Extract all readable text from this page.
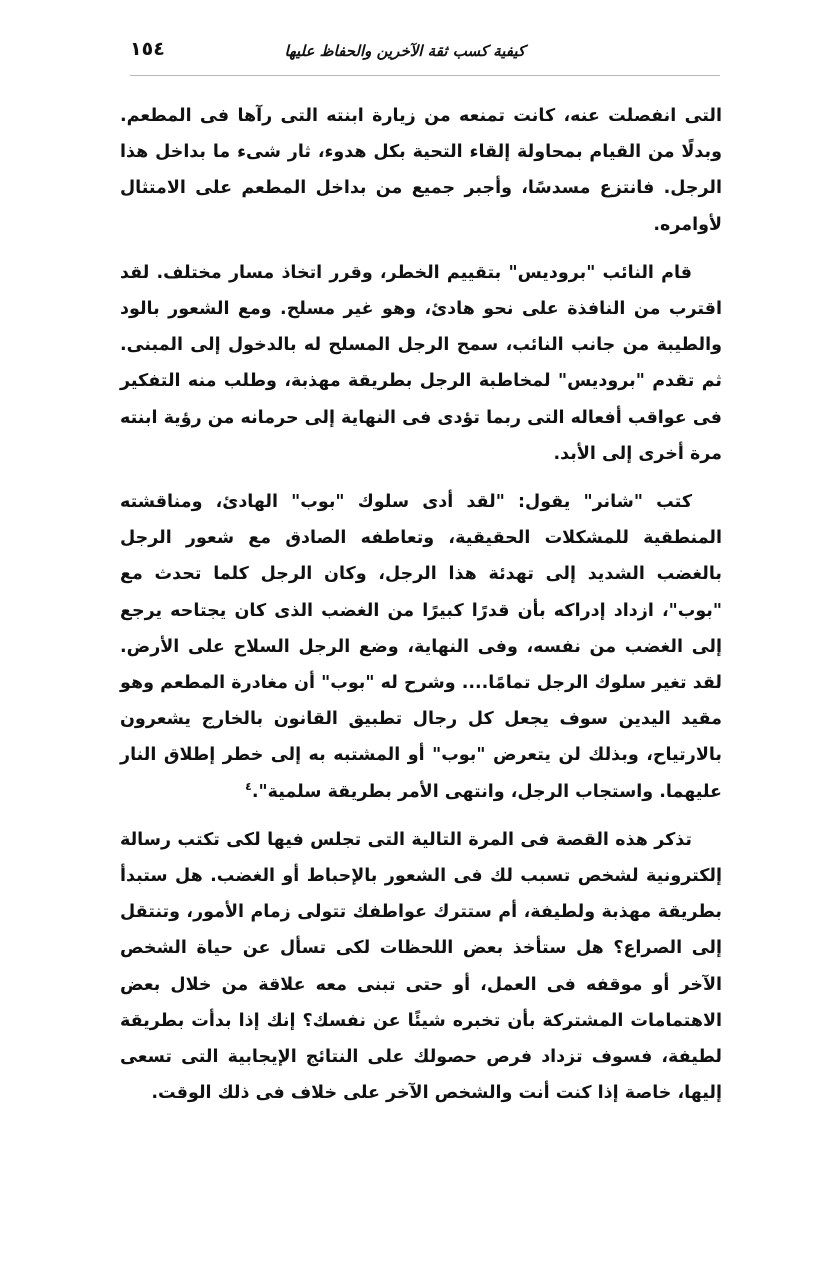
١٥٤	كيفية كسب ثقة الآخرين والحفاظ عليها

التى انفصلت عنه، كانت تمنعه من زيارة ابنته التى رآها فى المطعم. وبدلًا من القيام بمحاولة إلقاء التحية بكل هدوء، ثار شىء ما بداخل هذا الرجل. فانتزع مسدسًا، وأجبر جميع من بداخل المطعم على الامتثال لأوامره.

قام النائب "بروديس" بتقييم الخطر، وقرر اتخاذ مسار مختلف. لقد اقترب من النافذة على نحو هادئ، وهو غير مسلح. ومع الشعور بالود والطيبة من جانب النائب، سمح الرجل المسلح له بالدخول إلى المبنى. ثم تقدم "بروديس" لمخاطبة الرجل بطريقة مهذبة، وطلب منه التفكير فى عواقب أفعاله التى ربما تؤدى فى النهاية إلى حرمانه من رؤية ابنته مرة أخرى إلى الأبد.

كتب "شانر" يقول: "لقد أدى سلوك "بوب" الهادئ، ومناقشته المنطقية للمشكلات الحقيقية، وتعاطفه الصادق مع شعور الرجل بالغضب الشديد إلى تهدئة هذا الرجل، وكان الرجل كلما تحدث مع "بوب"، ازداد إدراكه بأن قدرًا كبيرًا من الغضب الذى كان يجتاحه يرجع إلى الغضب من نفسه، وفى النهاية، وضع الرجل السلاح على الأرض. لقد تغير سلوك الرجل تمامًا.... وشرح له "بوب" أن مغادرة المطعم وهو مقيد اليدين سوف يجعل كل رجال تطبيق القانون بالخارج يشعرون بالارتياح، وبذلك لن يتعرض "بوب" أو المشتبه به إلى خطر إطلاق النار عليهما. واستجاب الرجل، وانتهى الأمر بطريقة سلمية".$^٤$

تذكر هذه القصة فى المرة التالية التى تجلس فيها لكى تكتب رسالة إلكترونية لشخص تسبب لك فى الشعور بالإحباط أو الغضب. هل ستبدأ بطريقة مهذبة ولطيفة، أم ستترك عواطفك تتولى زمام الأمور، وتنتقل إلى الصراع؟ هل ستأخذ بعض اللحظات لكى تسأل عن حياة الشخص الآخر أو موقفه فى العمل، أو حتى تبنى معه علاقة من خلال بعض الاهتمامات المشتركة بأن تخبره شيئًا عن نفسك؟ إنك إذا بدأت بطريقة لطيفة، فسوف تزداد فرص حصولك على النتائج الإيجابية التى تسعى إليها، خاصة إذا كنت أنت والشخص الآخر على خلاف فى ذلك الوقت.
